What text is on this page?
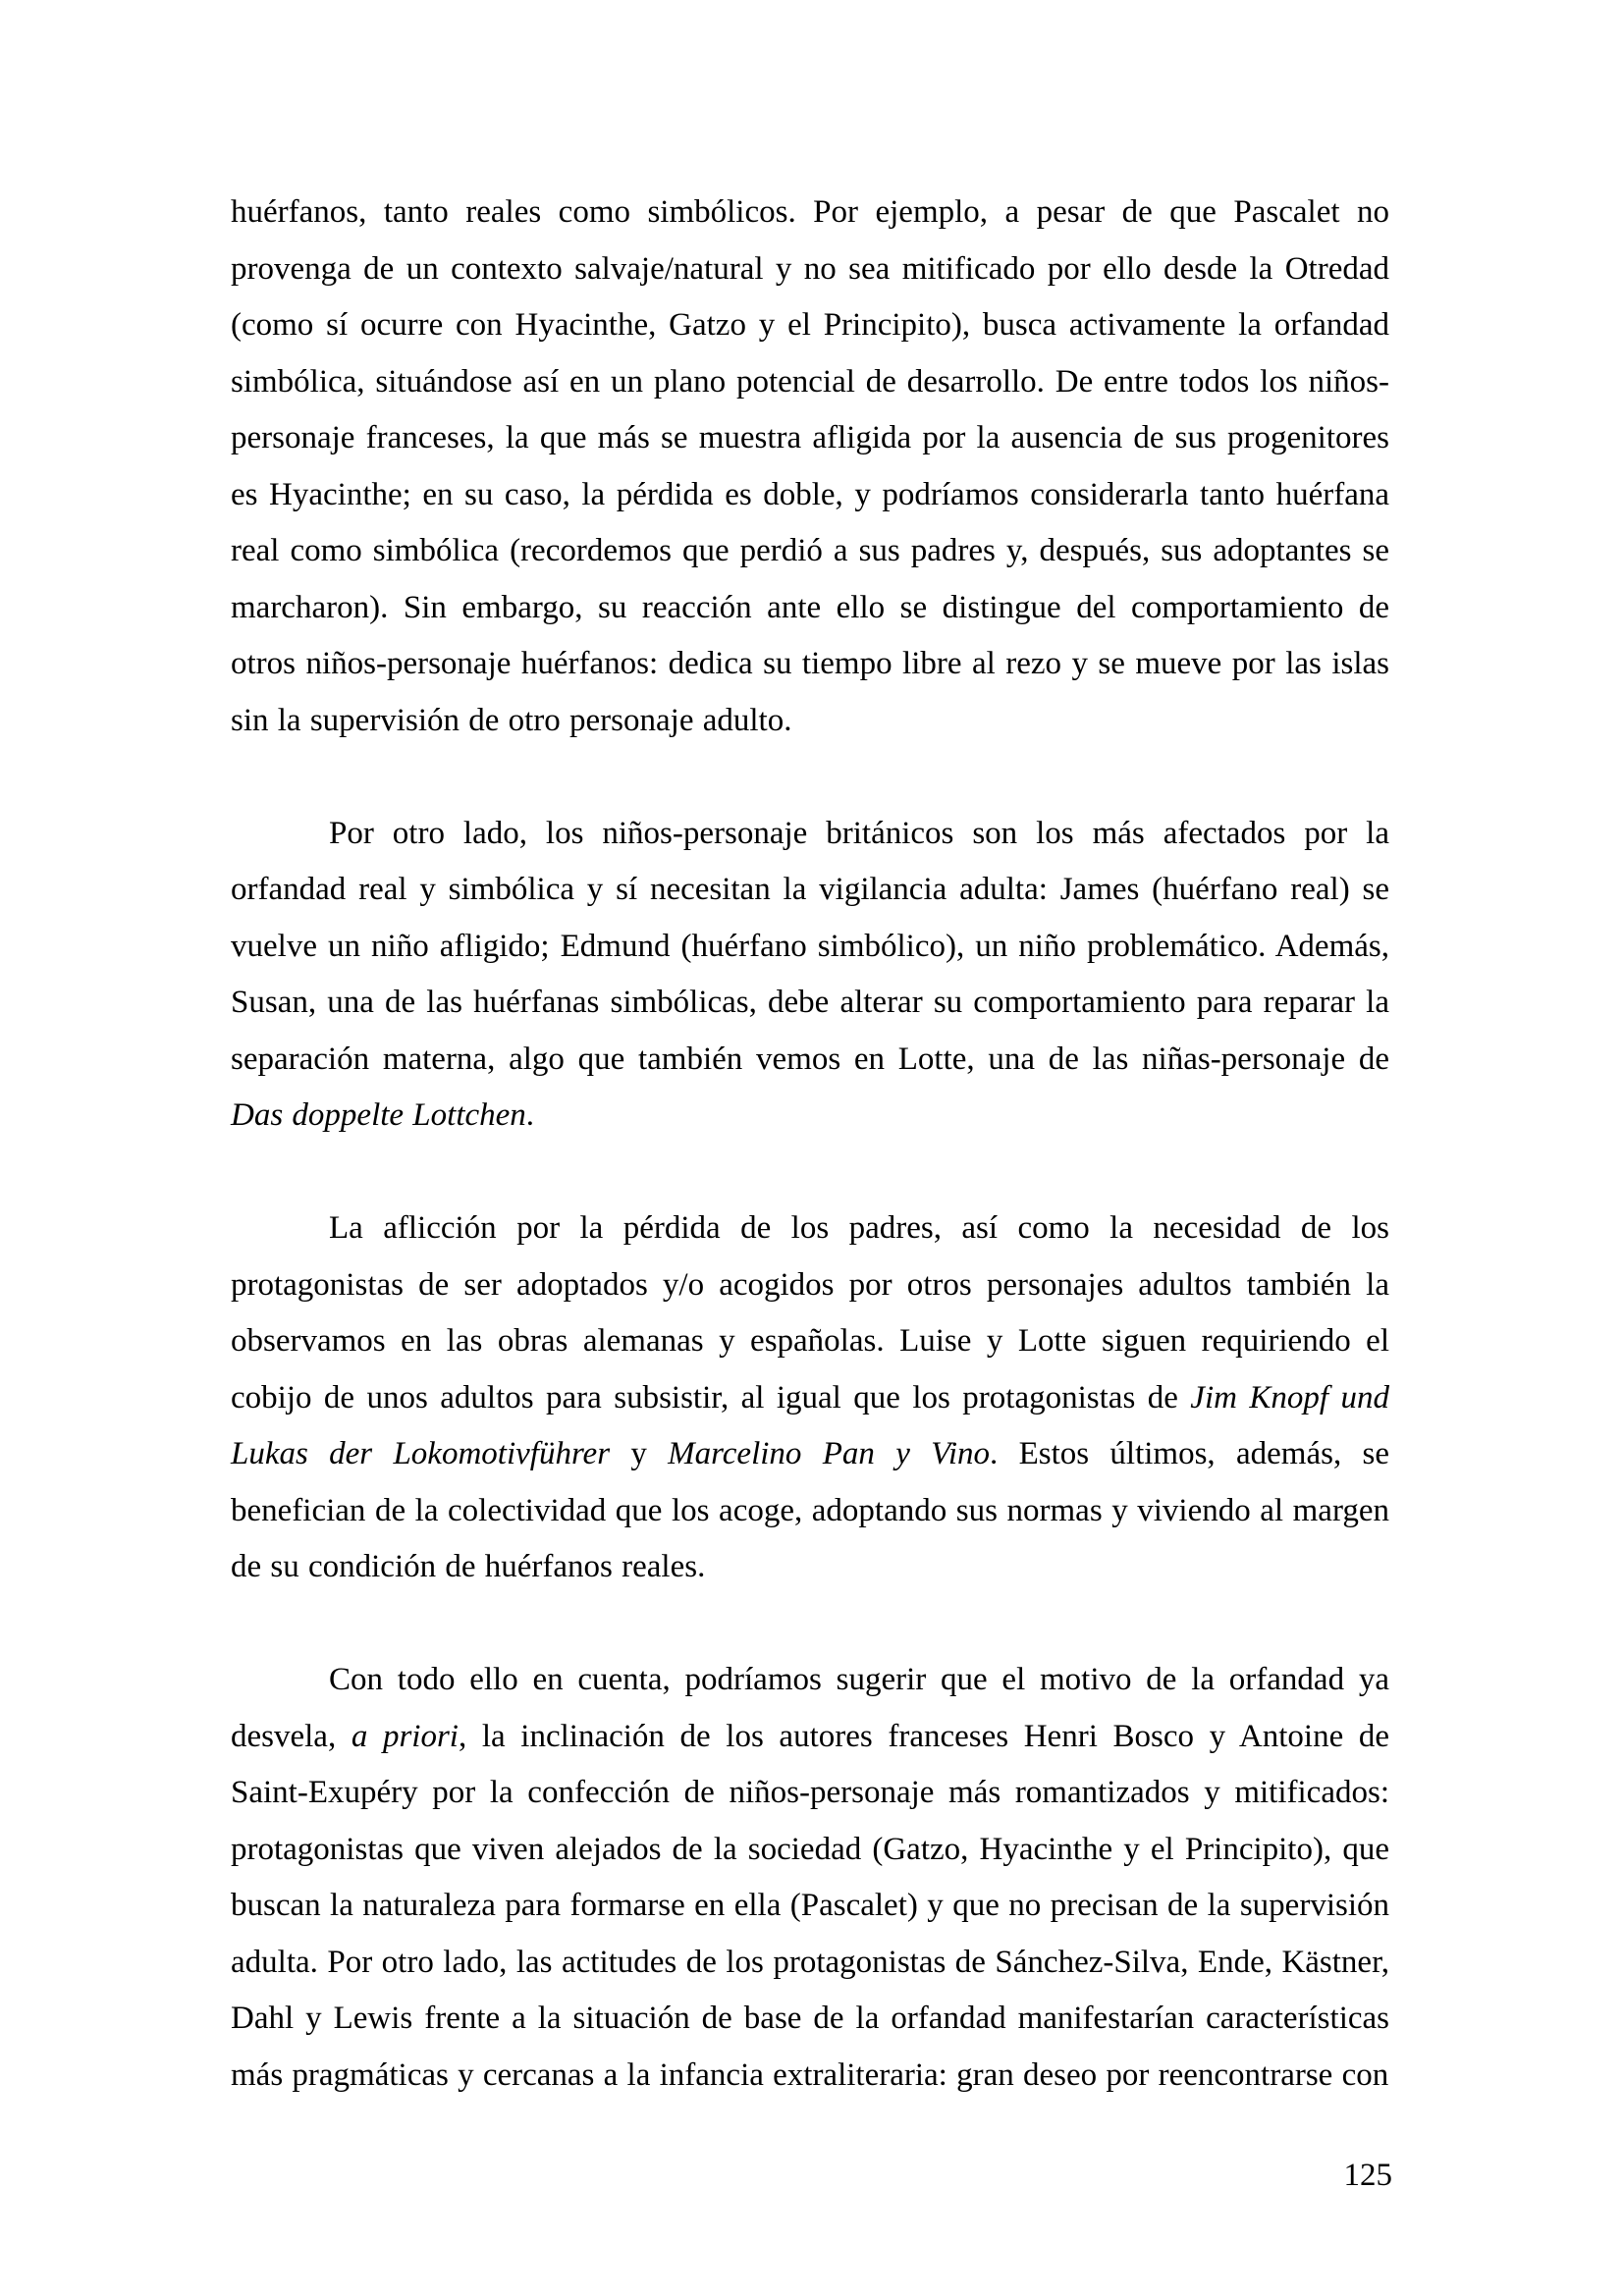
huérfanos, tanto reales como simbólicos. Por ejemplo, a pesar de que Pascalet no provenga de un contexto salvaje/natural y no sea mitificado por ello desde la Otredad (como sí ocurre con Hyacinthe, Gatzo y el Principito), busca activamente la orfandad simbólica, situándose así en un plano potencial de desarrollo. De entre todos los niños-personaje franceses, la que más se muestra afligida por la ausencia de sus progenitores es Hyacinthe; en su caso, la pérdida es doble, y podríamos considerarla tanto huérfana real como simbólica (recordemos que perdió a sus padres y, después, sus adoptantes se marcharon). Sin embargo, su reacción ante ello se distingue del comportamiento de otros niños-personaje huérfanos: dedica su tiempo libre al rezo y se mueve por las islas sin la supervisión de otro personaje adulto.

Por otro lado, los niños-personaje británicos son los más afectados por la orfandad real y simbólica y sí necesitan la vigilancia adulta: James (huérfano real) se vuelve un niño afligido; Edmund (huérfano simbólico), un niño problemático. Además, Susan, una de las huérfanas simbólicas, debe alterar su comportamiento para reparar la separación materna, algo que también vemos en Lotte, una de las niñas-personaje de Das doppelte Lottchen.

La aflicción por la pérdida de los padres, así como la necesidad de los protagonistas de ser adoptados y/o acogidos por otros personajes adultos también la observamos en las obras alemanas y españolas. Luise y Lotte siguen requiriendo el cobijo de unos adultos para subsistir, al igual que los protagonistas de Jim Knopf und Lukas der Lokomotivführer y Marcelino Pan y Vino. Estos últimos, además, se benefician de la colectividad que los acoge, adoptando sus normas y viviendo al margen de su condición de huérfanos reales.

Con todo ello en cuenta, podríamos sugerir que el motivo de la orfandad ya desvela, a priori, la inclinación de los autores franceses Henri Bosco y Antoine de Saint-Exupéry por la confección de niños-personaje más romantizados y mitificados: protagonistas que viven alejados de la sociedad (Gatzo, Hyacinthe y el Principito), que buscan la naturaleza para formarse en ella (Pascalet) y que no precisan de la supervisión adulta. Por otro lado, las actitudes de los protagonistas de Sánchez-Silva, Ende, Kästner, Dahl y Lewis frente a la situación de base de la orfandad manifestarían características más pragmáticas y cercanas a la infancia extraliteraria: gran deseo por reencontrarse con

125
